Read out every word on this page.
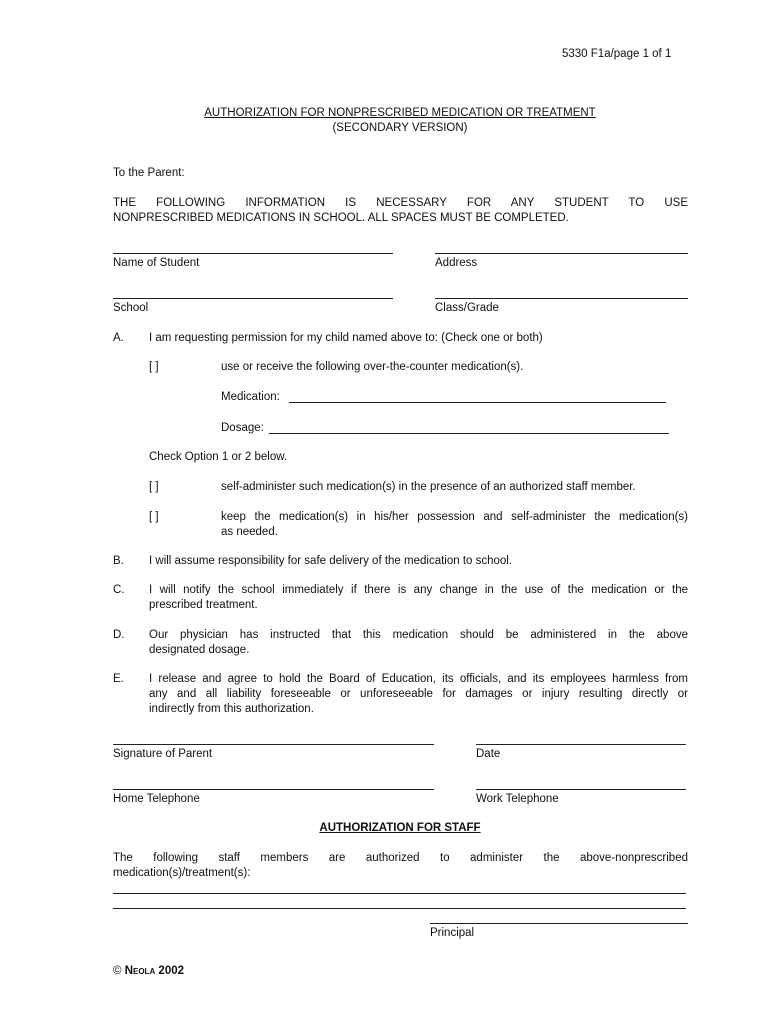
5330 F1a/page 1 of 1
AUTHORIZATION FOR NONPRESCRIBED MEDICATION OR TREATMENT
(SECONDARY VERSION)
To the Parent:
THE FOLLOWING INFORMATION IS NECESSARY FOR ANY STUDENT TO USE
NONPRESCRIBED MEDICATIONS IN SCHOOL. ALL SPACES MUST BE COMPLETED.
Name of Student	Address
School	Class/Grade
A. I am requesting permission for my child named above to: (Check one or both)
[ ]	use or receive the following over-the-counter medication(s).
Medication:
Dosage:
Check Option 1 or 2 below.
[ ]	self-administer such medication(s) in the presence of an authorized staff member.
[ ]	keep the medication(s) in his/her possession and self-administer the medication(s)
as needed.
B. I will assume responsibility for safe delivery of the medication to school.
C. I will notify the school immediately if there is any change in the use of the medication or the
prescribed treatment.
D. Our physician has instructed that this medication should be administered in the above
designated dosage.
E. I release and agree to hold the Board of Education, its officials, and its employees harmless from
any and all liability foreseeable or unforeseeable for damages or injury resulting directly or
indirectly from this authorization.
Signature of Parent	Date
Home Telephone	Work Telephone
AUTHORIZATION FOR STAFF
The following staff members are authorized to administer the above-nonprescribed
medication(s)/treatment(s):
Principal
© Neola 2002
